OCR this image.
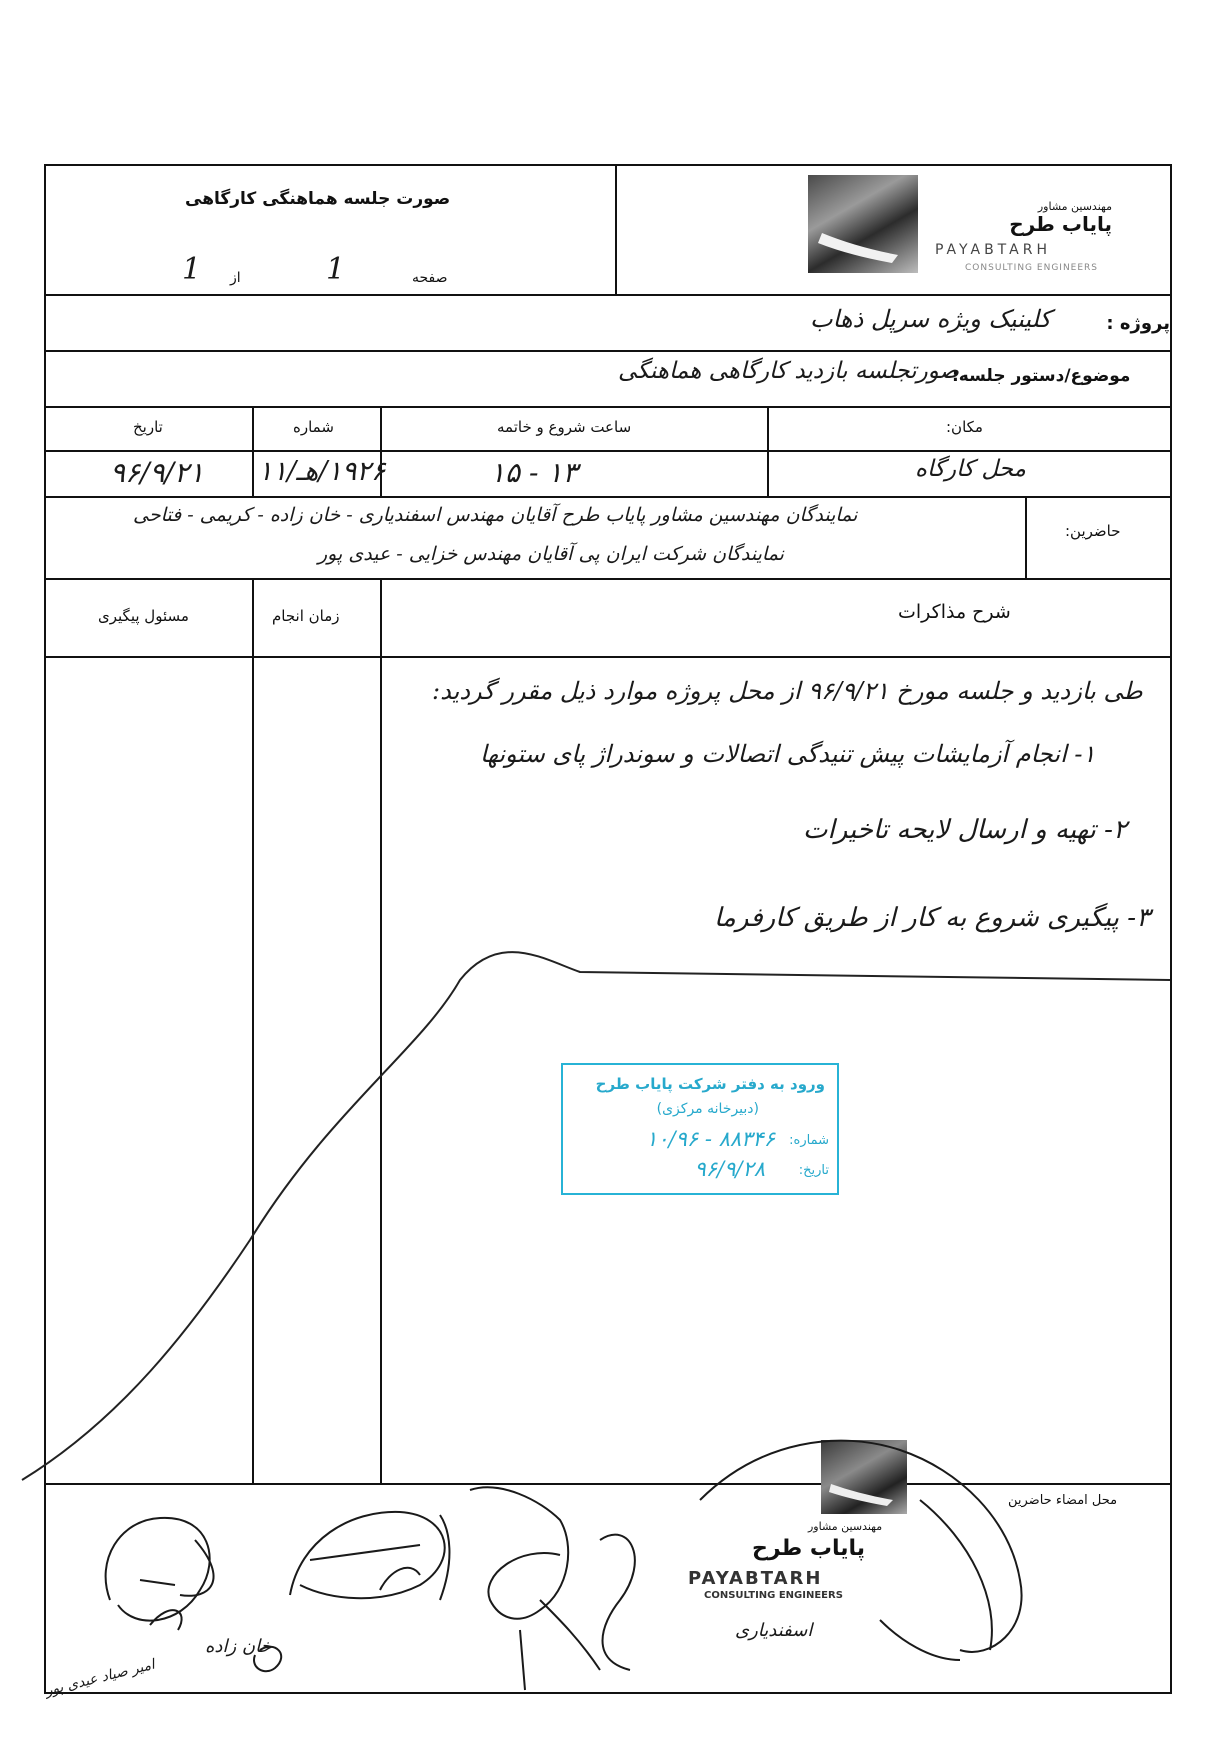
صورت جلسه هماهنگی کارگاهی
صفحه
1
از
1
مهندسین مشاور
پایاب طرح
PAYABTARH
CONSULTING ENGINEERS
پروژه :
کلینیک ویژه سرپل ذهاب
موضوع/دستور جلسه:
صورتجلسه بازدید کارگاهی هماهنگی
مکان:
ساعت شروع و خاتمه
شماره
تاریخ
محل کارگاه
۱۳ - ۱۵
۱۹۲۶/هـ/۱۱
۹۶/۹/۲۱
حاضرین:
نمایندگان مهندسین مشاور پایاب طرح آقایان مهندس اسفندیاری - خان زاده - کریمی - فتاحی
نمایندگان شرکت ایران پی آقایان مهندس خزایی - عیدی پور
شرح مذاکرات
زمان انجام
مسئول پیگیری
طی بازدید و جلسه مورخ ۹۶/۹/۲۱ از محل پروژه موارد ذیل مقرر گردید:
۱- انجام آزمایشات پیش تنیدگی اتصالات و سوندراژ پای ستونها
۲- تهیه و ارسال لایحه تاخیرات
۳- پیگیری شروع به کار از طریق کارفرما
ورود به دفتر شرکت پایاب طرح
(دبیرخانه مرکزی)
شماره:
۸۸۳۴۶ - ۱۰/۹۶
تاریخ:
۹۶/۹/۲۸
محل امضاء حاضرین
مهندسین مشاور
پایاب طرح
PAYABTARH
CONSULTING ENGINEERS
خان زاده
امیر صیاد عیدی پور
اسفندیاری
